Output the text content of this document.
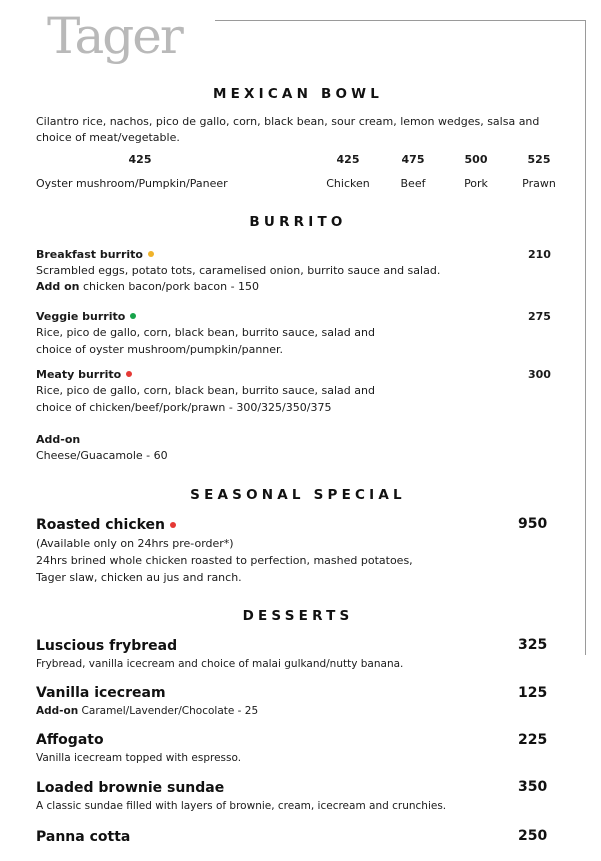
Tager
MEXICAN BOWL
Cilantro rice, nachos, pico de gallo, corn, black bean, sour cream, lemon wedges, salsa and
choice of meat/vegetable.
425	425	475	500	525
Oyster mushroom/Pumpkin/Paneer	Chicken	Beef	Pork	Prawn
BURRITO
Breakfast burrito	210
Scrambled eggs, potato tots, caramelised onion, burrito sauce and salad.
Add on chicken bacon/pork bacon - 150
Veggie burrito	275
Rice, pico de gallo, corn, black bean, burrito sauce, salad and
choice of oyster mushroom/pumpkin/panner.
Meaty burrito	300
Rice, pico de gallo, corn, black bean, burrito sauce, salad and
choice of chicken/beef/pork/prawn - 300/325/350/375
Add-on
Cheese/Guacamole - 60
SEASONAL SPECIAL
Roasted chicken	950
(Available only on 24hrs pre-order*)
24hrs brined whole chicken roasted to perfection, mashed potatoes,
Tager slaw, chicken au jus and ranch.
DESSERTS
Luscious frybread	325
Frybread, vanilla icecream and choice of malai gulkand/nutty banana.
Vanilla icecream	125
Add-on Caramel/Lavender/Chocolate - 25
Affogato	225
Vanilla icecream topped with espresso.
Loaded brownie sundae	350
A classic sundae filled with layers of brownie, cream, icecream and crunchies.
Panna cotta	250
